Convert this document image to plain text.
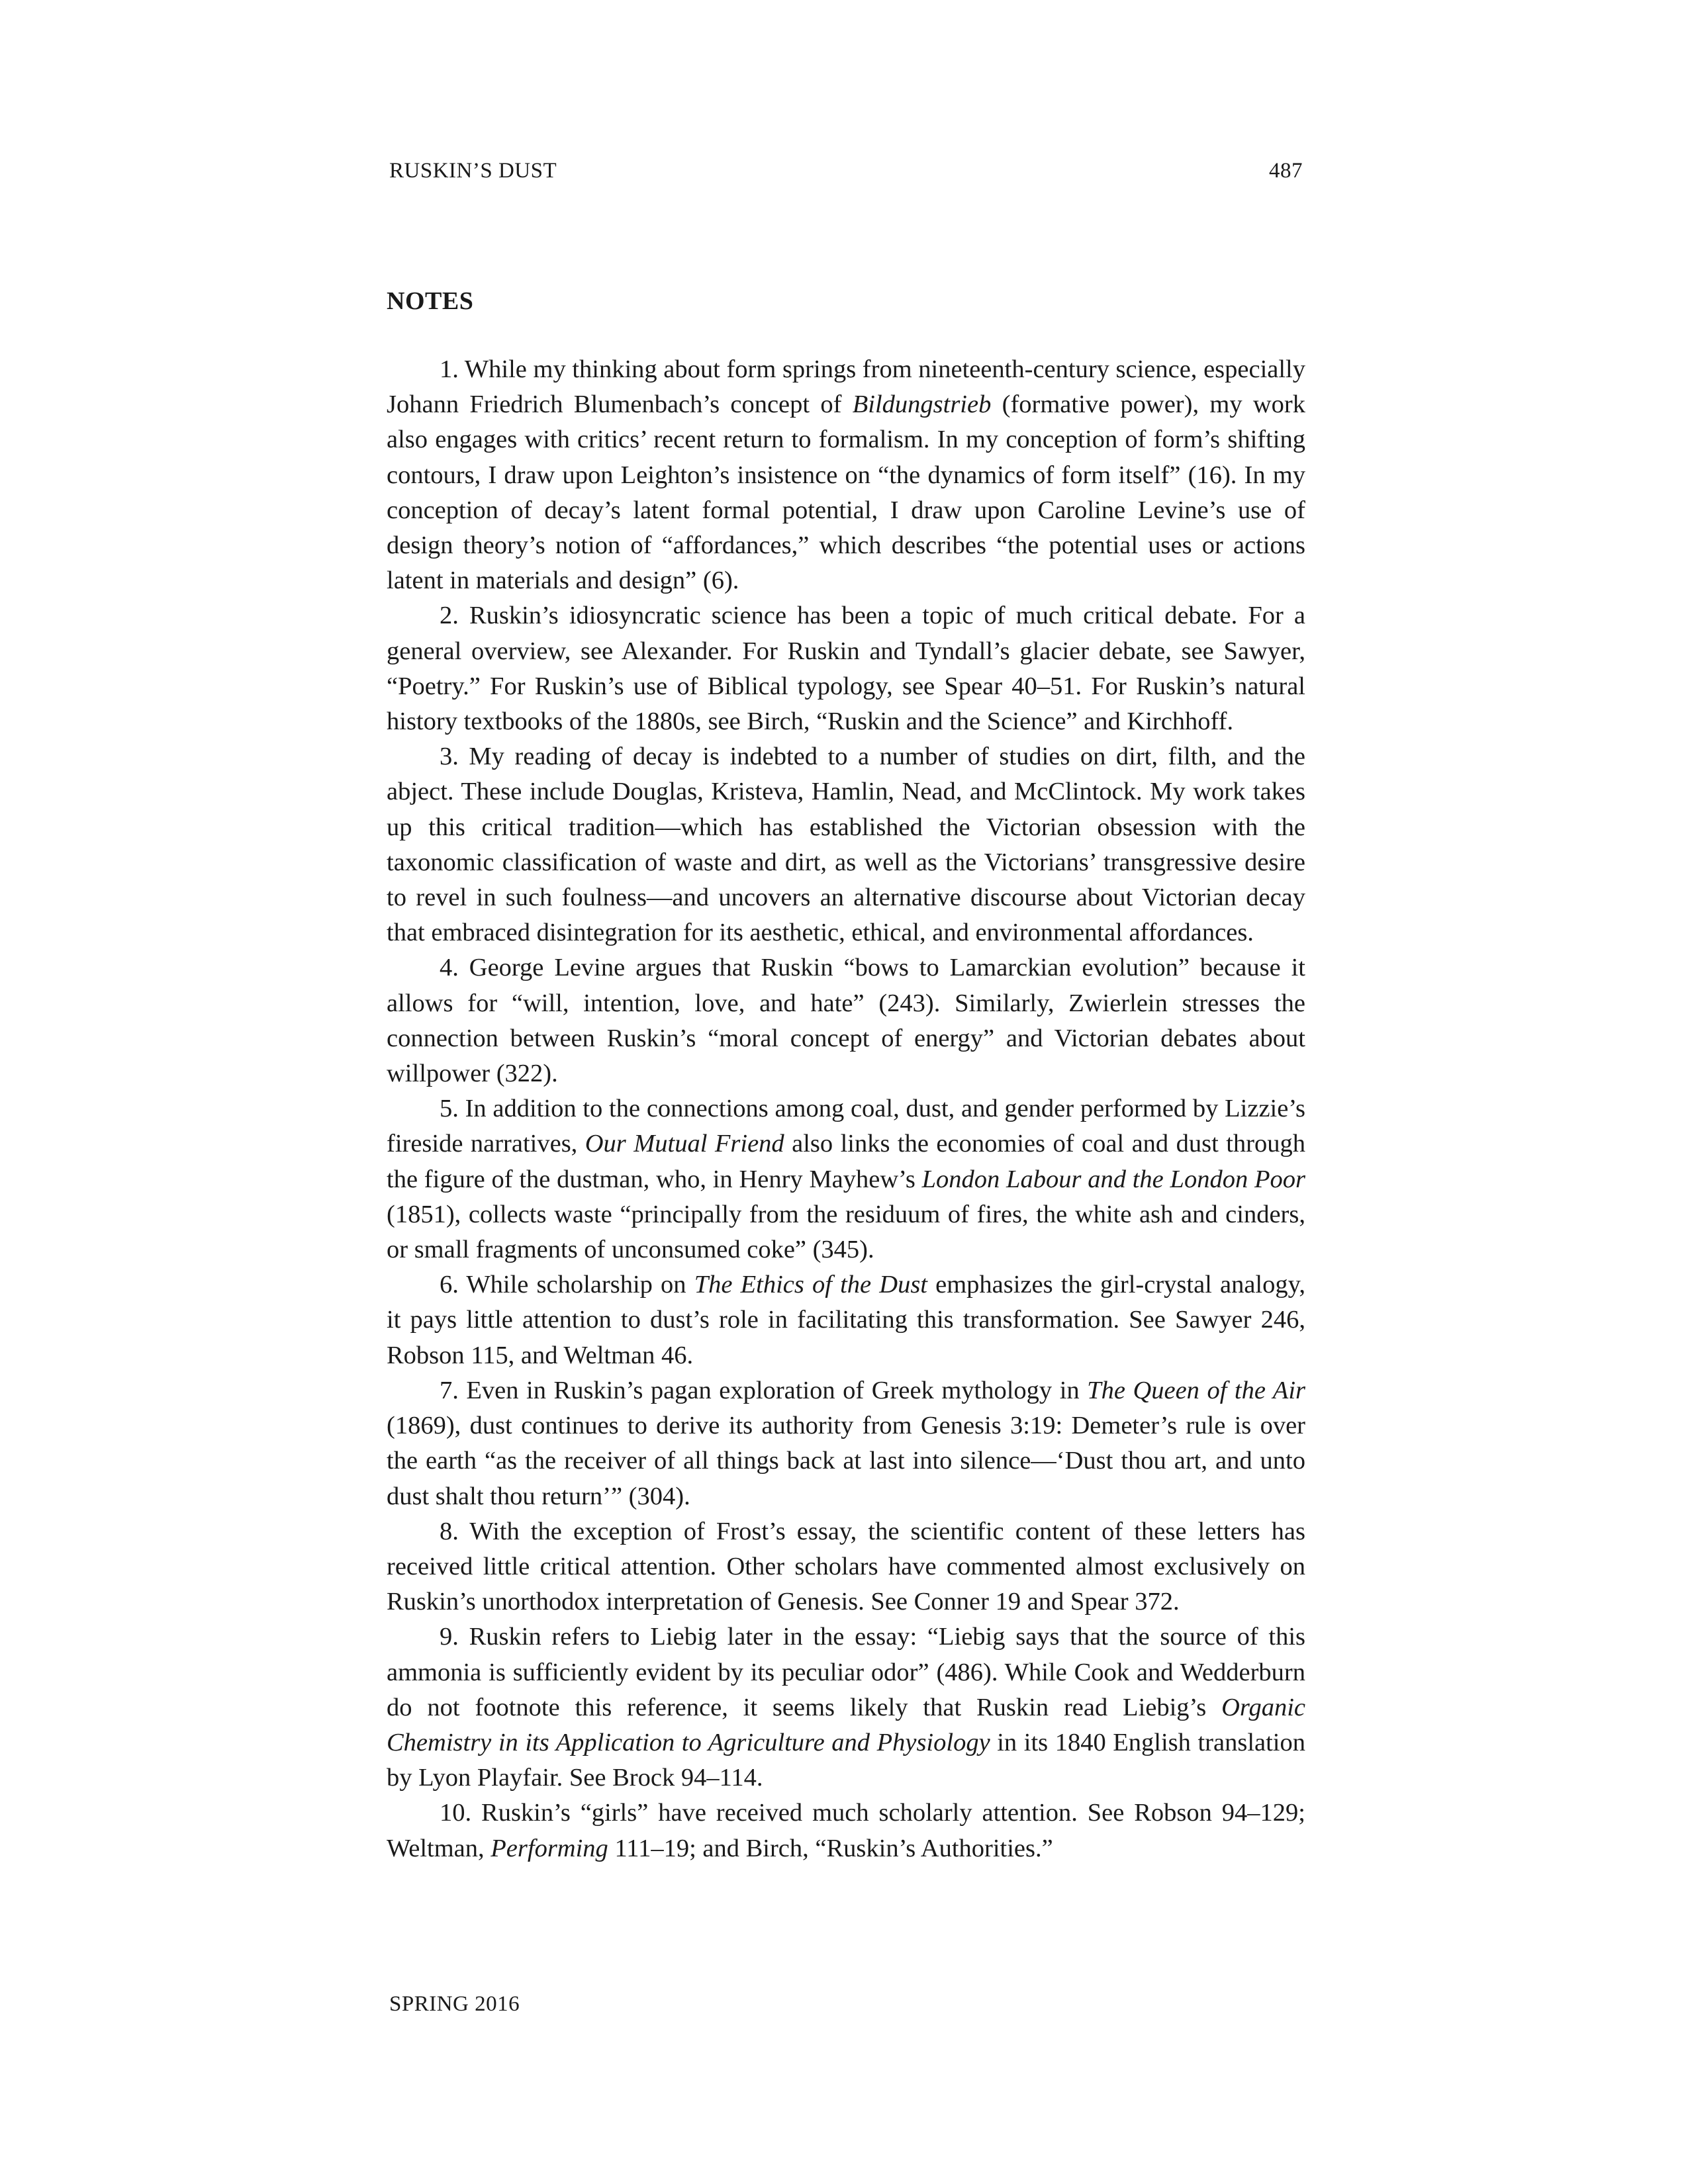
RUSKIN’S DUST	487
NOTES

1. While my thinking about form springs from nineteenth-century science, especially Johann Friedrich Blumenbach’s concept of Bildungstrieb (formative power), my work also engages with critics’ recent return to formalism. In my conception of form’s shifting contours, I draw upon Leighton’s insistence on “the dynamics of form itself” (16). In my conception of decay’s latent formal potential, I draw upon Caroline Levine’s use of design theory’s notion of “affordances,” which describes “the potential uses or actions latent in materials and design” (6).

2. Ruskin’s idiosyncratic science has been a topic of much critical debate. For a general overview, see Alexander. For Ruskin and Tyndall’s glacier debate, see Sawyer, “Poetry.” For Ruskin’s use of Biblical typology, see Spear 40–51. For Ruskin’s natural history textbooks of the 1880s, see Birch, “Ruskin and the Science” and Kirchhoff.

3. My reading of decay is indebted to a number of studies on dirt, filth, and the abject. These include Douglas, Kristeva, Hamlin, Nead, and McClintock. My work takes up this critical tradition—which has established the Victorian obsession with the taxonomic classification of waste and dirt, as well as the Victorians’ transgressive desire to revel in such foulness—and uncovers an alternative discourse about Victorian decay that embraced disintegration for its aesthetic, ethical, and environmental affordances.

4. George Levine argues that Ruskin “bows to Lamarckian evolution” because it allows for “will, intention, love, and hate” (243). Similarly, Zwierlein stresses the connection between Ruskin’s “moral concept of energy” and Victorian debates about willpower (322).

5. In addition to the connections among coal, dust, and gender performed by Lizzie’s fireside narratives, Our Mutual Friend also links the economies of coal and dust through the figure of the dustman, who, in Henry Mayhew’s London Labour and the London Poor (1851), collects waste “principally from the residuum of fires, the white ash and cinders, or small fragments of unconsumed coke” (345).

6. While scholarship on The Ethics of the Dust emphasizes the girl-crystal analogy, it pays little attention to dust’s role in facilitating this transformation. See Sawyer 246, Robson 115, and Weltman 46.

7. Even in Ruskin’s pagan exploration of Greek mythology in The Queen of the Air (1869), dust continues to derive its authority from Genesis 3:19: Demeter’s rule is over the earth “as the receiver of all things back at last into silence—‘Dust thou art, and unto dust shalt thou return’” (304).

8. With the exception of Frost’s essay, the scientific content of these letters has received little critical attention. Other scholars have commented almost exclusively on Ruskin’s unorthodox interpretation of Genesis. See Conner 19 and Spear 372.

9. Ruskin refers to Liebig later in the essay: “Liebig says that the source of this ammonia is sufficiently evident by its peculiar odor” (486). While Cook and Wedderburn do not footnote this reference, it seems likely that Ruskin read Liebig’s Organic Chemistry in its Application to Agriculture and Physiology in its 1840 English translation by Lyon Playfair. See Brock 94–114.

10. Ruskin’s “girls” have received much scholarly attention. See Robson 94–129; Weltman, Performing 111–19; and Birch, “Ruskin’s Authorities.”

SPRING 2016
